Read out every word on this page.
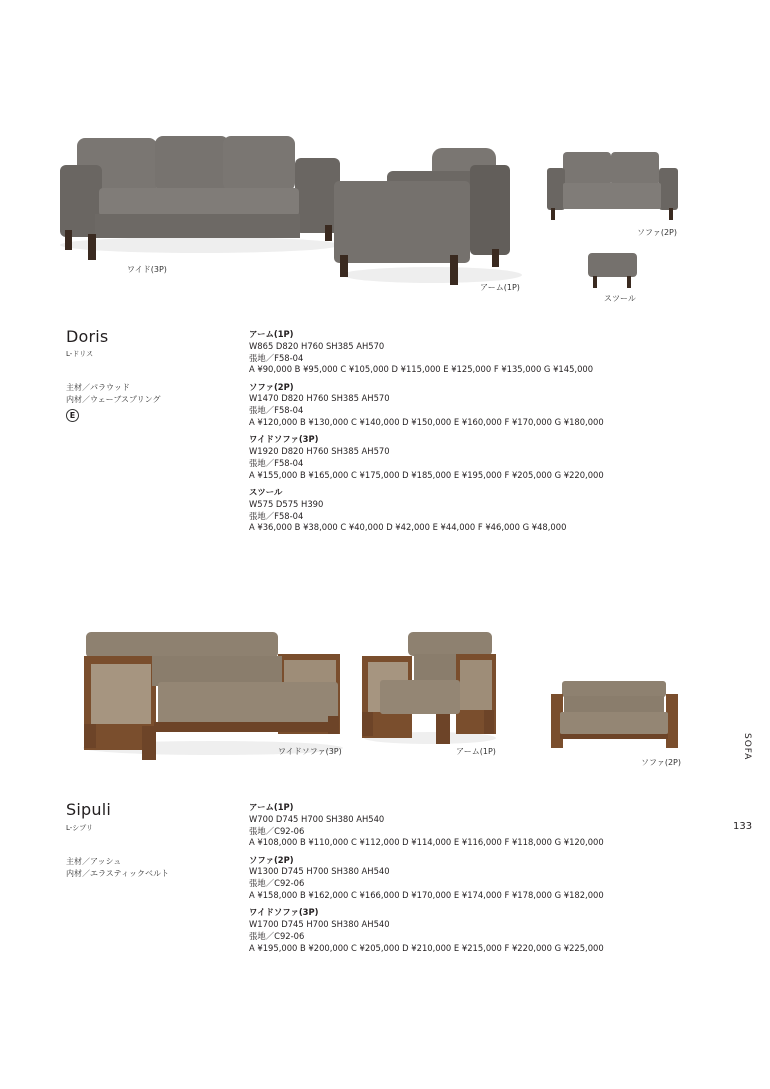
ワイド(3P)
アーム(1P)
ソファ(2P)
スツール
Doris
L-ドリス
主材／パラウッド
内材／ウェーブスプリング
E
アーム(1P)
W865 D820 H760 SH385 AH570
張地／F58-04
A ¥90,000 B ¥95,000 C ¥105,000 D ¥115,000 E ¥125,000 F ¥135,000 G ¥145,000
ソファ(2P)
W1470 D820 H760 SH385 AH570
張地／F58-04
A ¥120,000 B ¥130,000 C ¥140,000 D ¥150,000 E ¥160,000 F ¥170,000 G ¥180,000
ワイドソファ(3P)
W1920 D820 H760 SH385 AH570
張地／F58-04
A ¥155,000 B ¥165,000 C ¥175,000 D ¥185,000 E ¥195,000 F ¥205,000 G ¥220,000
スツール
W575 D575 H390
張地／F58-04
A ¥36,000 B ¥38,000 C ¥40,000 D ¥42,000 E ¥44,000 F ¥46,000 G ¥48,000
ワイドソファ(3P)	アーム(1P)
ソファ(2P)
Sipuli
L-シプリ
主材／アッシュ
内材／エラスティックベルト
アーム(1P)
W700 D745 H700 SH380 AH540
張地／C92-06
A ¥108,000 B ¥110,000 C ¥112,000 D ¥114,000 E ¥116,000 F ¥118,000 G ¥120,000
ソファ(2P)
W1300 D745 H700 SH380 AH540
張地／C92-06
A ¥158,000 B ¥162,000 C ¥166,000 D ¥170,000 E ¥174,000 F ¥178,000 G ¥182,000
ワイドソファ(3P)
W1700 D745 H700 SH380 AH540
張地／C92-06
A ¥195,000 B ¥200,000 C ¥205,000 D ¥210,000 E ¥215,000 F ¥220,000 G ¥225,000
SOFA
133
